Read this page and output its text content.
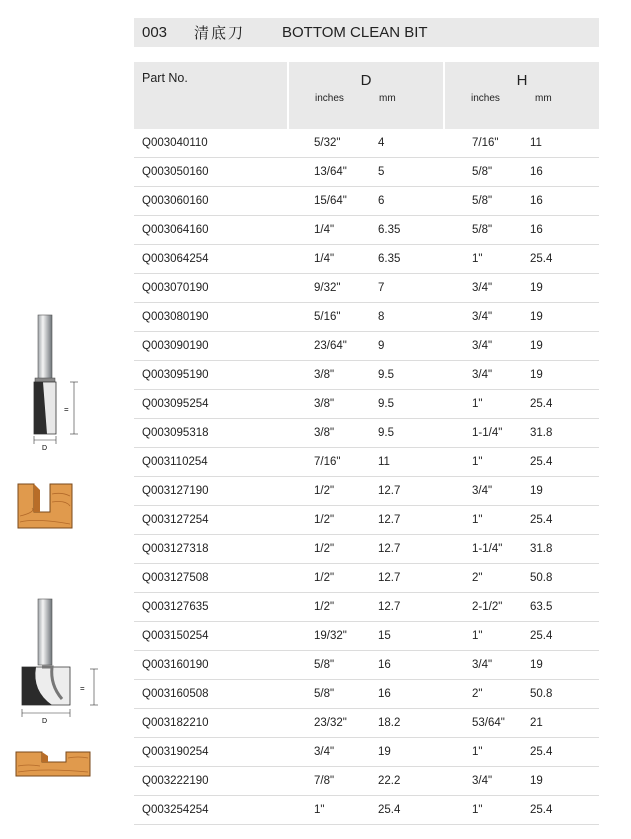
003	清底刀	BOTTOM CLEAN BIT
Part No.	D
inches mm		H
inches mm	

Q003040110	5/32"	4	7/16"	11
Q003050160	13/64"	5	5/8"	16
Q003060160	15/64"	6	5/8"	16
Q003064160	1/4"	6.35	5/8"	16
Q003064254	1/4"	6.35	1"	25.4
Q003070190	9/32"	7	3/4"	19
Q003080190	5/16"	8	3/4"	19
Q003090190	23/64"	9	3/4"	19
Q003095190	3/8"	9.5	3/4"	19
Q003095254	3/8"	9.5	1"	25.4
Q003095318	3/8"	9.5	1-1/4"	31.8
Q003110254	7/16"	11	1"	25.4
Q003127190	1/2"	12.7	3/4"	19
Q003127254	1/2"	12.7	1"	25.4
Q003127318	1/2"	12.7	1-1/4"	31.8
Q003127508	1/2"	12.7	2"	50.8
Q003127635	1/2"	12.7	2-1/2"	63.5
Q003150254	19/32"	15	1"	25.4
Q003160190	5/8"	16	3/4"	19
Q003160508	5/8"	16	2"	50.8
Q003182210	23/32"	18.2	53/64"	21
Q003190254	3/4"	19	1"	25.4
Q003222190	7/8"	22.2	3/4"	19
Q003254254	1"	25.4	1"	25.4
D
=
D
=
